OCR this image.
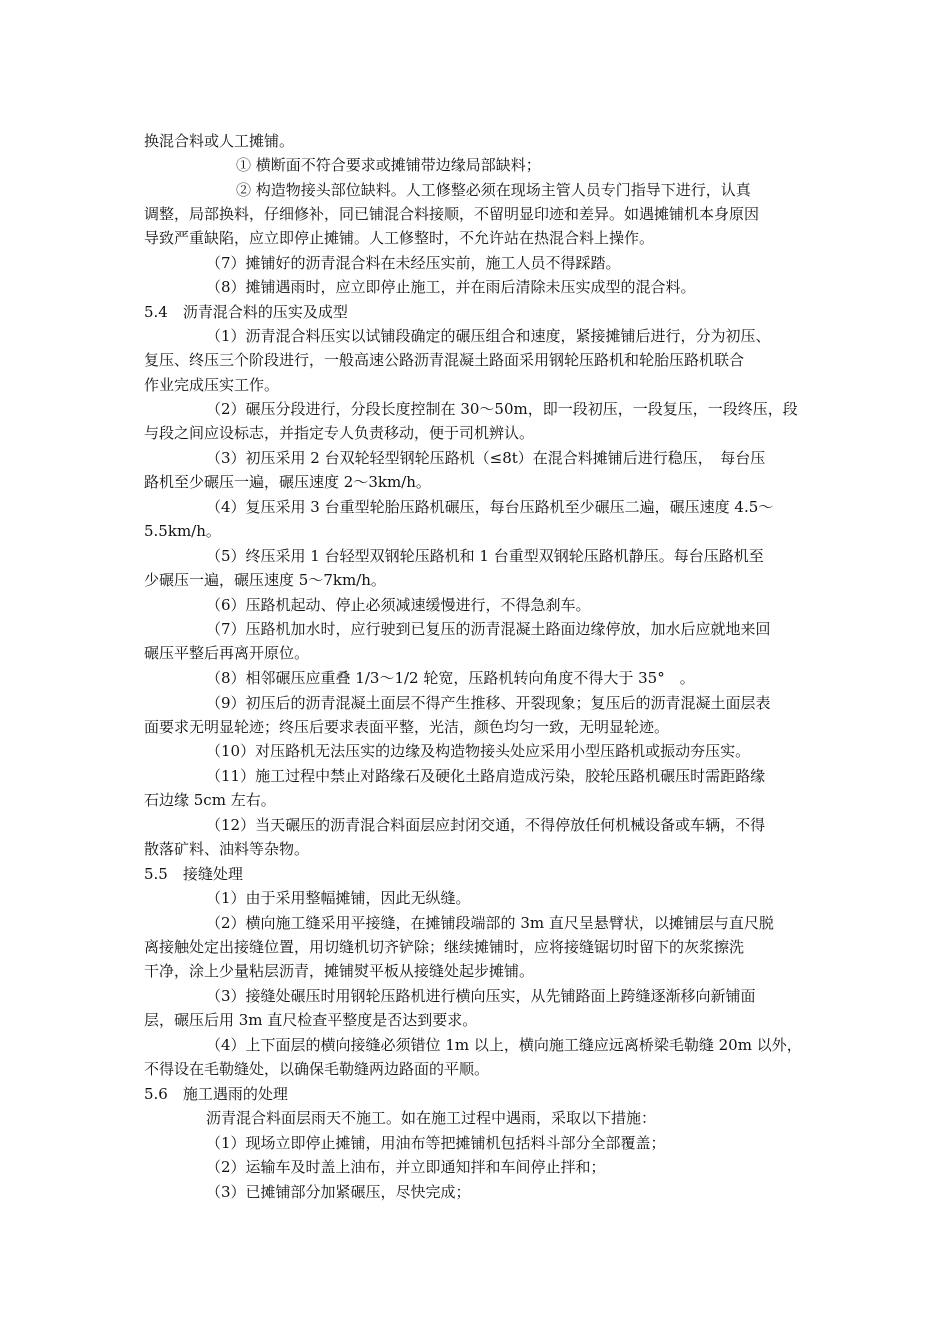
换混合料或人工摊铺。
① 横断面不符合要求或摊铺带边缘局部缺料；
② 构造物接头部位缺料。人工修整必须在现场主管人员专门指导下进行，认真
调整，局部换料，仔细修补，同已铺混合料接顺，不留明显印迹和差异。如遇摊铺机本身原因
导致严重缺陷，应立即停止摊铺。人工修整时，不允许站在热混合料上操作。
（7）摊铺好的沥青混合料在未经压实前，施工人员不得踩踏。
（8）摊铺遇雨时，应立即停止施工，并在雨后清除未压实成型的混合料。
5.4　沥青混合料的压实及成型
（1）沥青混合料压实以试铺段确定的碾压组合和速度，紧接摊铺后进行，分为初压、
复压、终压三个阶段进行，一般高速公路沥青混凝土路面采用钢轮压路机和轮胎压路机联合
作业完成压实工作。
（2）碾压分段进行，分段长度控制在 30～50m，即一段初压，一段复压，一段终压，段
与段之间应设标志，并指定专人负责移动，便于司机辨认。
（3）初压采用 2 台双轮轻型钢轮压路机（≤8t）在混合料摊铺后进行稳压，　每台压
路机至少碾压一遍，碾压速度 2～3km/h。
（4）复压采用 3 台重型轮胎压路机碾压，每台压路机至少碾压二遍，碾压速度 4.5～
5.5km/h。
（5）终压采用 1 台轻型双钢轮压路机和 1 台重型双钢轮压路机静压。每台压路机至
少碾压一遍，碾压速度 5～7km/h。
（6）压路机起动、停止必须减速缓慢进行，不得急刹车。
（7）压路机加水时，应行驶到已复压的沥青混凝土路面边缘停放，加水后应就地来回
碾压平整后再离开原位。
（8）相邻碾压应重叠 1/3～1/2 轮宽，压路机转向角度不得大于 35°　。
（9）初压后的沥青混凝土面层不得产生推移、开裂现象；复压后的沥青混凝土面层表
面要求无明显轮迹；终压后要求表面平整，光洁，颜色均匀一致，无明显轮迹。
（10）对压路机无法压实的边缘及构造物接头处应采用小型压路机或振动夯压实。
（11）施工过程中禁止对路缘石及硬化土路肩造成污染，胶轮压路机碾压时需距路缘
石边缘 5cm 左右。
（12）当天碾压的沥青混合料面层应封闭交通，不得停放任何机械设备或车辆，不得
散落矿料、油料等杂物。
5.5　接缝处理
（1）由于采用整幅摊铺，因此无纵缝。
（2）横向施工缝采用平接缝，在摊铺段端部的 3m 直尺呈悬臂状，以摊铺层与直尺脱
离接触处定出接缝位置，用切缝机切齐铲除；继续摊铺时，应将接缝锯切时留下的灰浆擦洗
干净，涂上少量粘层沥青，摊铺熨平板从接缝处起步摊铺。
（3）接缝处碾压时用钢轮压路机进行横向压实，从先铺路面上跨缝逐渐移向新铺面
层，碾压后用 3m 直尺检查平整度是否达到要求。
（4）上下面层的横向接缝必须错位 1m 以上，横向施工缝应远离桥梁毛勒缝 20m 以外，
不得设在毛勒缝处，以确保毛勒缝两边路面的平顺。
5.6　施工遇雨的处理
沥青混合料面层雨天不施工。如在施工过程中遇雨，采取以下措施：
（1）现场立即停止摊铺，用油布等把摊铺机包括料斗部分全部覆盖；
（2）运输车及时盖上油布，并立即通知拌和车间停止拌和；
（3）已摊铺部分加紧碾压，尽快完成；
